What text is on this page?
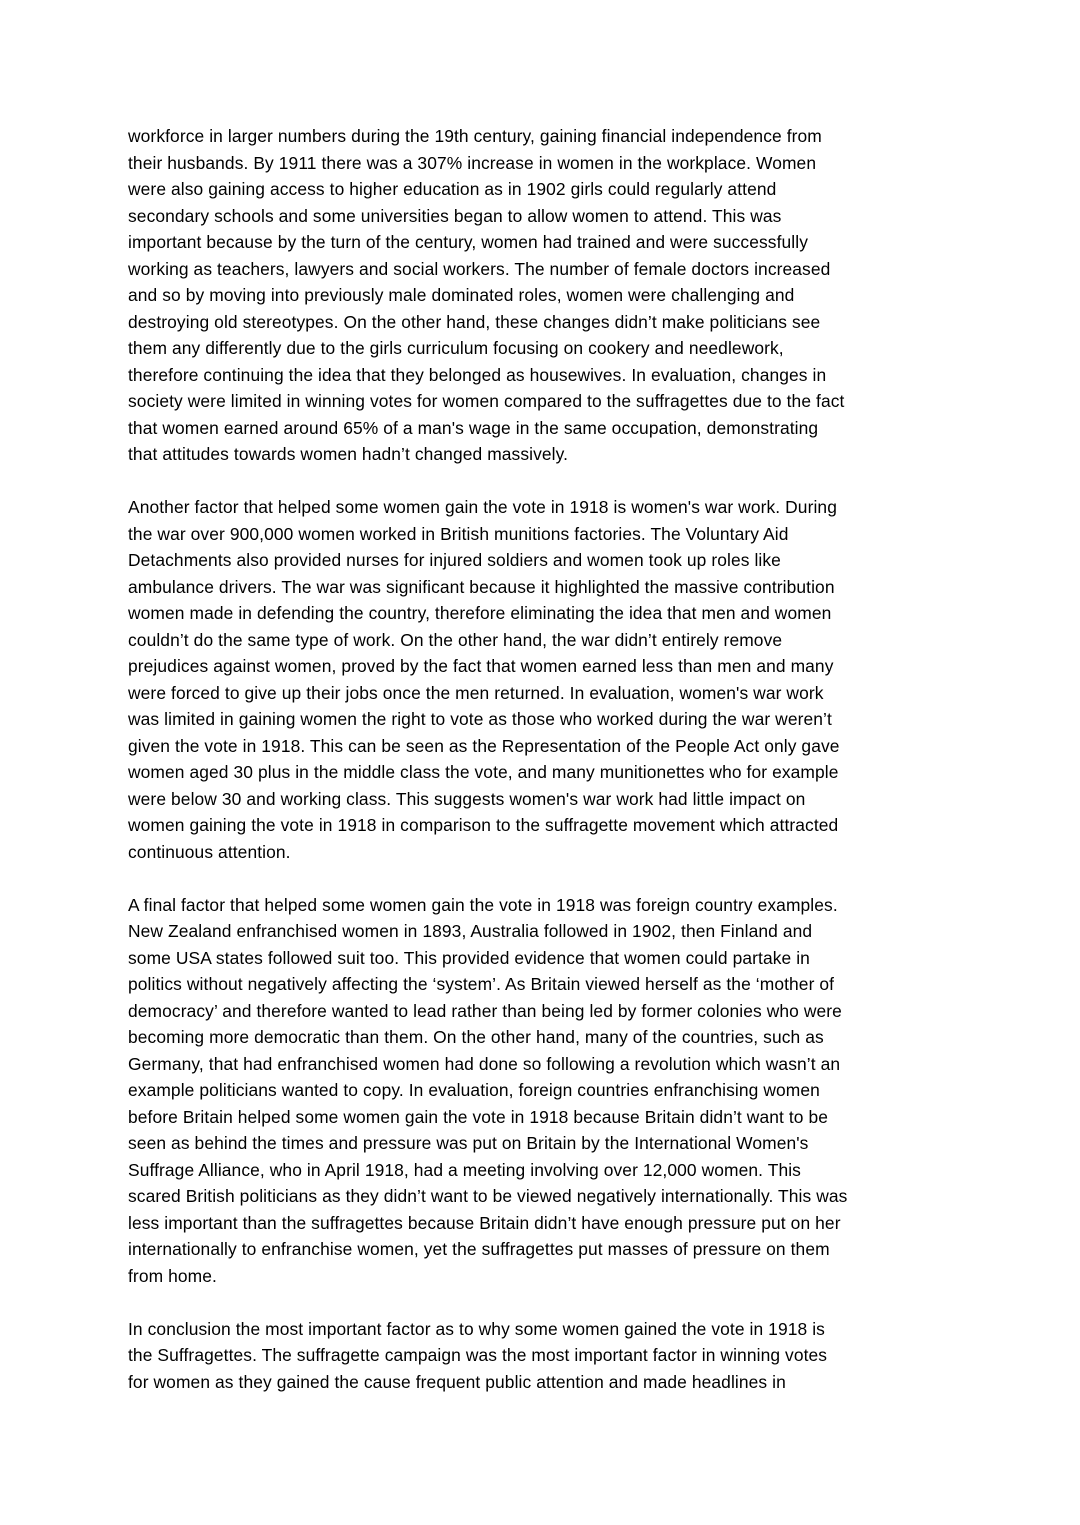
workforce in larger numbers during the 19th century, gaining financial independence from
their husbands. By 1911 there was a 307% increase in women in the workplace. Women
were also gaining access to higher education as in 1902 girls could regularly attend
secondary schools and some universities began to allow women to attend. This was
important because by the turn of the century, women had trained and were successfully
working as teachers, lawyers and social workers. The number of female doctors increased
and so by moving into previously male dominated roles, women were challenging and
destroying old stereotypes. On the other hand, these changes didn’t make politicians see
them any differently due to the girls curriculum focusing on cookery and needlework,
therefore continuing the idea that they belonged as housewives. In evaluation, changes in
society were limited in winning votes for women compared to the suffragettes due to the fact
that women earned around 65% of a man's wage in the same occupation, demonstrating
that attitudes towards women hadn’t changed massively.

Another factor that helped some women gain the vote in 1918 is women's war work. During
the war over 900,000 women worked in British munitions factories. The Voluntary Aid
Detachments also provided nurses for injured soldiers and women took up roles like
ambulance drivers. The war was significant because it highlighted the massive contribution
women made in defending the country, therefore eliminating the idea that men and women
couldn’t do the same type of work. On the other hand, the war didn’t entirely remove
prejudices against women, proved by the fact that women earned less than men and many
were forced to give up their jobs once the men returned. In evaluation, women's war work
was limited in gaining women the right to vote as those who worked during the war weren’t
given the vote in 1918. This can be seen as the Representation of the People Act only gave
women aged 30 plus in the middle class the vote, and many munitionettes who for example
were below 30 and working class. This suggests women's war work had little impact on
women gaining the vote in 1918 in comparison to the suffragette movement which attracted
continuous attention.

A final factor that helped some women gain the vote in 1918 was foreign country examples.
New Zealand enfranchised women in 1893, Australia followed in 1902, then Finland and
some USA states followed suit too. This provided evidence that women could partake in
politics without negatively affecting the ‘system’. As Britain viewed herself as the ‘mother of
democracy’ and therefore wanted to lead rather than being led by former colonies who were
becoming more democratic than them. On the other hand, many of the countries, such as
Germany, that had enfranchised women had done so following a revolution which wasn’t an
example politicians wanted to copy. In evaluation, foreign countries enfranchising women
before Britain helped some women gain the vote in 1918 because Britain didn’t want to be
seen as behind the times and pressure was put on Britain by the International Women's
Suffrage Alliance, who in April 1918, had a meeting involving over 12,000 women. This
scared British politicians as they didn’t want to be viewed negatively internationally. This was
less important than the suffragettes because Britain didn’t have enough pressure put on her
internationally to enfranchise women, yet the suffragettes put masses of pressure on them
from home.

In conclusion the most important factor as to why some women gained the vote in 1918 is
the Suffragettes. The suffragette campaign was the most important factor in winning votes
for women as they gained the cause frequent public attention and made headlines in
